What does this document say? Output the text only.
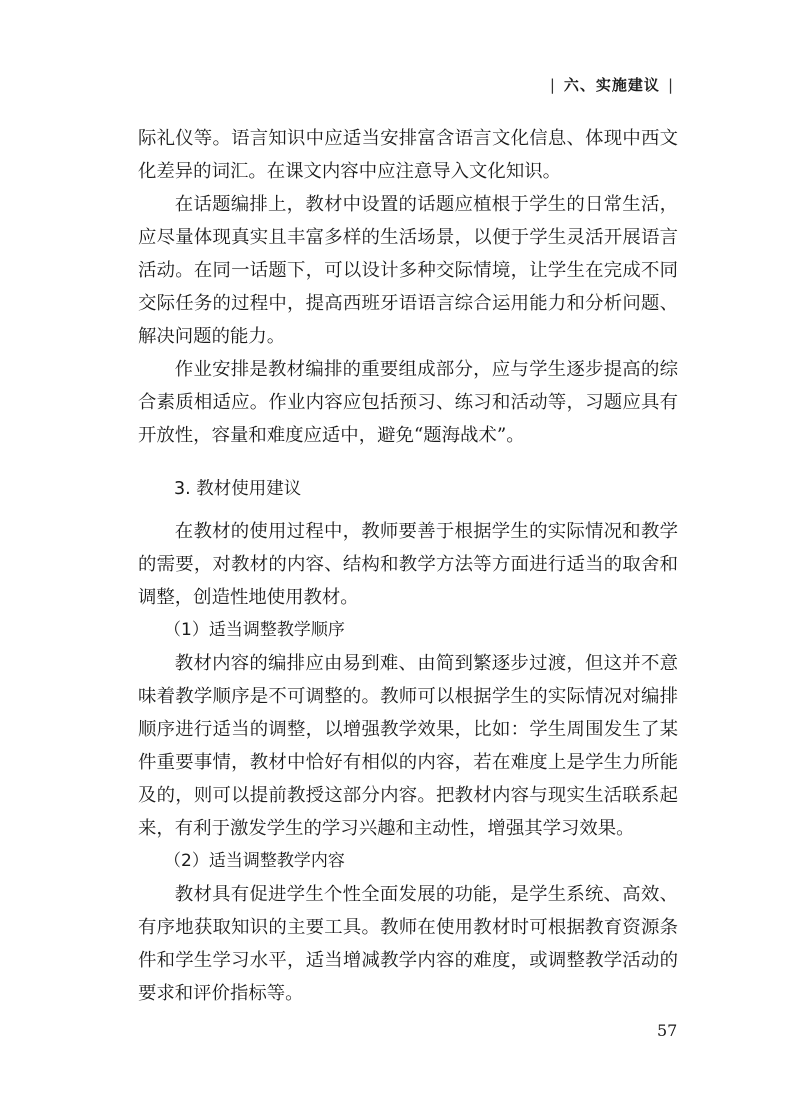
| 六、实施建议 |

际礼仪等。语言知识中应适当安排富含语言文化信息、体现中西文化差异的词汇。在课文内容中应注意导入文化知识。

在话题编排上，教材中设置的话题应植根于学生的日常生活，应尽量体现真实且丰富多样的生活场景，以便于学生灵活开展语言活动。在同一话题下，可以设计多种交际情境，让学生在完成不同交际任务的过程中，提高西班牙语语言综合运用能力和分析问题、解决问题的能力。

作业安排是教材编排的重要组成部分，应与学生逐步提高的综合素质相适应。作业内容应包括预习、练习和活动等，习题应具有开放性，容量和难度应适中，避免“题海战术”。

3. 教材使用建议

在教材的使用过程中，教师要善于根据学生的实际情况和教学的需要，对教材的内容、结构和教学方法等方面进行适当的取舍和调整，创造性地使用教材。

（1）适当调整教学顺序

教材内容的编排应由易到难、由简到繁逐步过渡，但这并不意味着教学顺序是不可调整的。教师可以根据学生的实际情况对编排顺序进行适当的调整，以增强教学效果，比如：学生周围发生了某件重要事情，教材中恰好有相似的内容，若在难度上是学生力所能及的，则可以提前教授这部分内容。把教材内容与现实生活联系起来，有利于激发学生的学习兴趣和主动性，增强其学习效果。

（2）适当调整教学内容

教材具有促进学生个性全面发展的功能，是学生系统、高效、有序地获取知识的主要工具。教师在使用教材时可根据教育资源条件和学生学习水平，适当增减教学内容的难度，或调整教学活动的要求和评价指标等。

57
